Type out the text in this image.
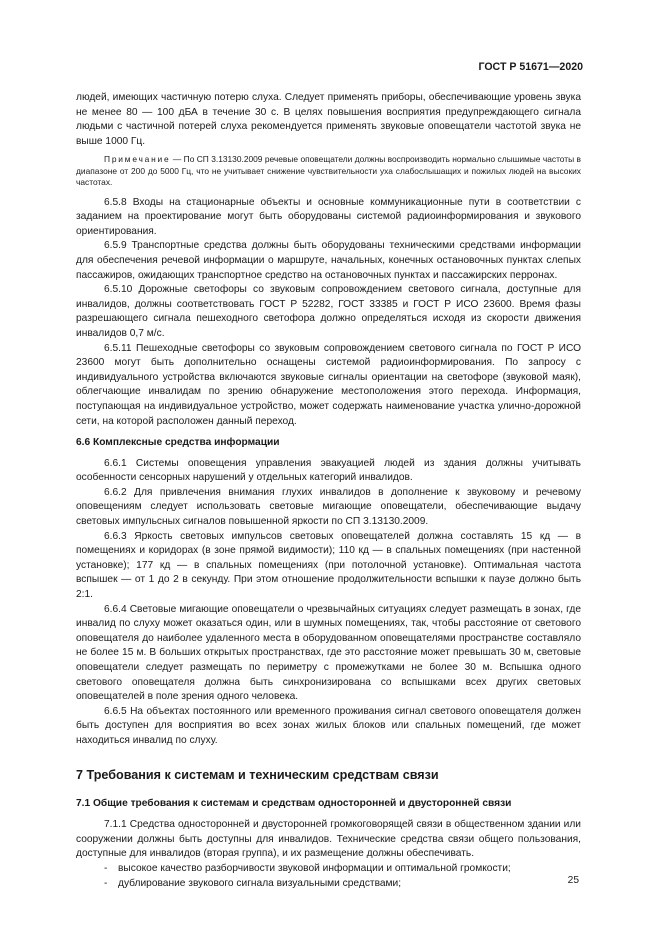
ГОСТ Р 51671—2020

людей, имеющих частичную потерю слуха. Следует применять приборы, обеспечивающие уровень звука не менее 80 — 100 дБА в течение 30 с. В целях повышения восприятия предупреждающего сигнала людьми с частичной потерей слуха рекомендуется применять звуковые оповещатели частотой звука не выше 1000 Гц.

Примечание — По СП 3.13130.2009 речевые оповещатели должны воспроизводить нормально слышимые частоты в диапазоне от 200 до 5000 Гц, что не учитывает снижение чувствительности уха слабослышащих и пожилых людей на высоких частотах.

6.5.8 Входы на стационарные объекты и основные коммуникационные пути в соответствии с заданием на проектирование могут быть оборудованы системой радиоинформирования и звукового ориентирования.

6.5.9 Транспортные средства должны быть оборудованы техническими средствами информации для обеспечения речевой информации о маршруте, начальных, конечных остановочных пунктах слепых пассажиров, ожидающих транспортное средство на остановочных пунктах и пассажирских перронах.

6.5.10 Дорожные светофоры со звуковым сопровождением светового сигнала, доступные для инвалидов, должны соответствовать ГОСТ Р 52282, ГОСТ 33385 и ГОСТ Р ИСО 23600. Время фазы разрешающего сигнала пешеходного светофора должно определяться исходя из скорости движения инвалидов 0,7 м/с.

6.5.11 Пешеходные светофоры со звуковым сопровождением светового сигнала по ГОСТ Р ИСО 23600 могут быть дополнительно оснащены системой радиоинформирования. По запросу с индивидуального устройства включаются звуковые сигналы ориентации на светофоре (звуковой маяк), облегчающие инвалидам по зрению обнаружение местоположения этого перехода. Информация, поступающая на индивидуальное устройство, может содержать наименование участка улично-дорожной сети, на которой расположен данный переход.

6.6 Комплексные средства информации

6.6.1 Системы оповещения управления эвакуацией людей из здания должны учитывать особенности сенсорных нарушений у отдельных категорий инвалидов.

6.6.2 Для привлечения внимания глухих инвалидов в дополнение к звуковому и речевому оповещениям следует использовать световые мигающие оповещатели, обеспечивающие выдачу световых импульсных сигналов повышенной яркости по СП 3.13130.2009.

6.6.3 Яркость световых импульсов световых оповещателей должна составлять 15 кд — в помещениях и коридорах (в зоне прямой видимости); 110 кд — в спальных помещениях (при настенной установке); 177 кд — в спальных помещениях (при потолочной установке). Оптимальная частота вспышек — от 1 до 2 в секунду. При этом отношение продолжительности вспышки к паузе должно быть 2:1.

6.6.4 Световые мигающие оповещатели о чрезвычайных ситуациях следует размещать в зонах, где инвалид по слуху может оказаться один, или в шумных помещениях, так, чтобы расстояние от светового оповещателя до наиболее удаленного места в оборудованном оповещателями пространстве составляло не более 15 м. В больших открытых пространствах, где это расстояние может превышать 30 м, световые оповещатели следует размещать по периметру с промежутками не более 30 м. Вспышка одного светового оповещателя должна быть синхронизирована со вспышками всех других световых оповещателей в поле зрения одного человека.

6.6.5 На объектах постоянного или временного проживания сигнал светового оповещателя должен быть доступен для восприятия во всех зонах жилых блоков или спальных помещений, где может находиться инвалид по слуху.

7 Требования к системам и техническим средствам связи

7.1 Общие требования к системам и средствам односторонней и двусторонней связи

7.1.1 Средства односторонней и двусторонней громкоговорящей связи в общественном здании или сооружении должны быть доступны для инвалидов. Технические средства связи общего пользования, доступные для инвалидов (вторая группа), и их размещение должны обеспечивать.

- высокое качество разборчивости звуковой информации и оптимальной громкости;

- дублирование звукового сигнала визуальными средствами;	25
